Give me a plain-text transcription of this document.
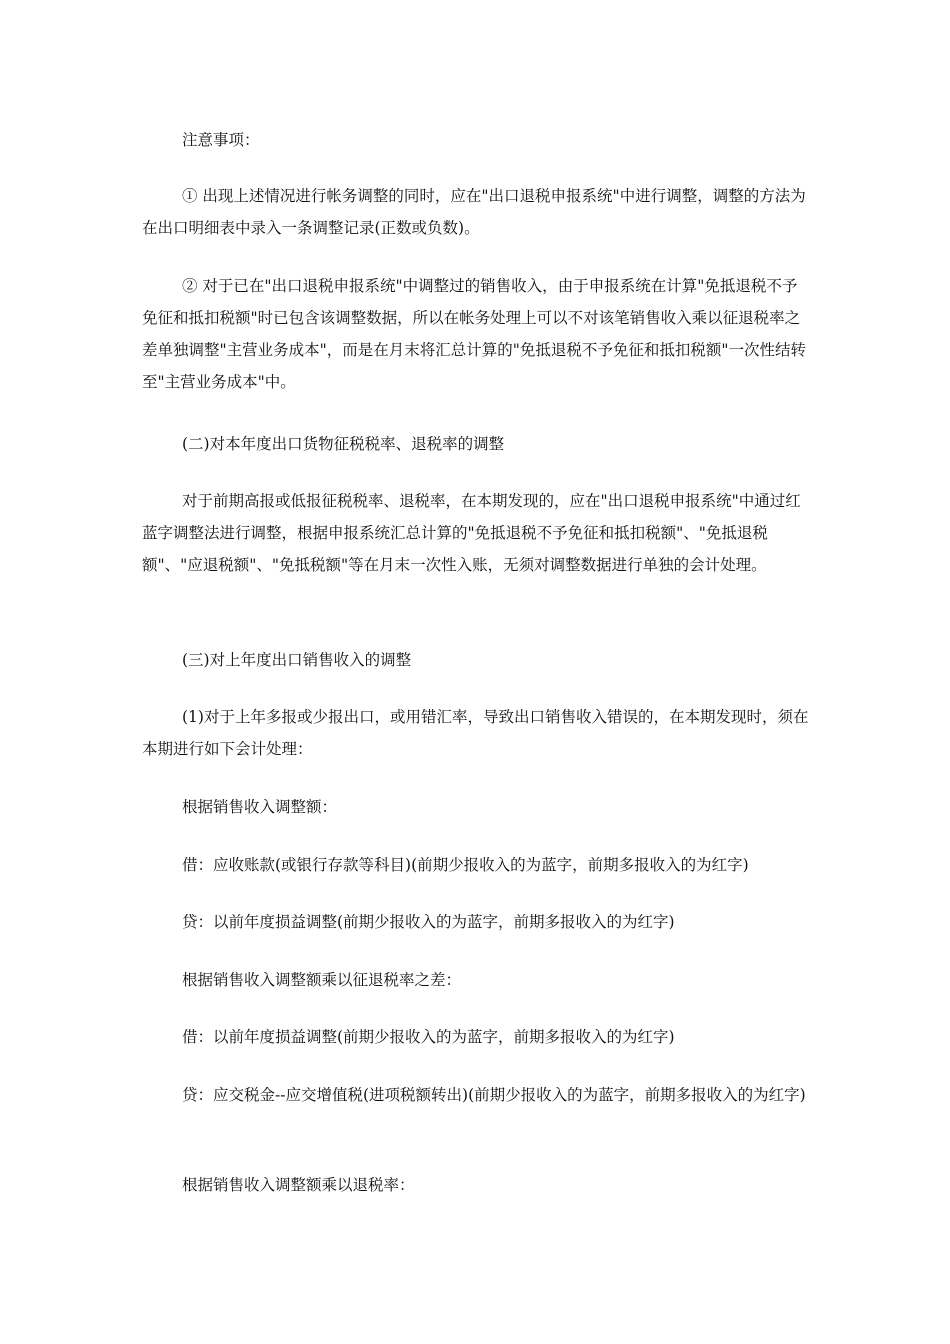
注意事项：

① 出现上述情况进行帐务调整的同时，应在"出口退税申报系统"中进行调整，调整的方法为在出口明细表中录入一条调整记录(正数或负数)。

② 对于已在"出口退税申报系统"中调整过的销售收入，由于申报系统在计算"免抵退税不予免征和抵扣税额"时已包含该调整数据，所以在帐务处理上可以不对该笔销售收入乘以征退税率之差单独调整"主营业务成本"，而是在月末将汇总计算的"免抵退税不予免征和抵扣税额"一次性结转至"主营业务成本"中。

(二)对本年度出口货物征税税率、退税率的调整

对于前期高报或低报征税税率、退税率，在本期发现的，应在"出口退税申报系统"中通过红蓝字调整法进行调整，根据申报系统汇总计算的"免抵退税不予免征和抵扣税额"、"免抵退税额"、"应退税额"、"免抵税额"等在月末一次性入账，无须对调整数据进行单独的会计处理。

(三)对上年度出口销售收入的调整

(1)对于上年多报或少报出口，或用错汇率，导致出口销售收入错误的，在本期发现时，须在本期进行如下会计处理：

根据销售收入调整额：

借：应收账款(或银行存款等科目)(前期少报收入的为蓝字，前期多报收入的为红字)

贷：以前年度损益调整(前期少报收入的为蓝字，前期多报收入的为红字)

根据销售收入调整额乘以征退税率之差：

借：以前年度损益调整(前期少报收入的为蓝字，前期多报收入的为红字)

贷：应交税金--应交增值税(进项税额转出)(前期少报收入的为蓝字，前期多报收入的为红字)

根据销售收入调整额乘以退税率：
